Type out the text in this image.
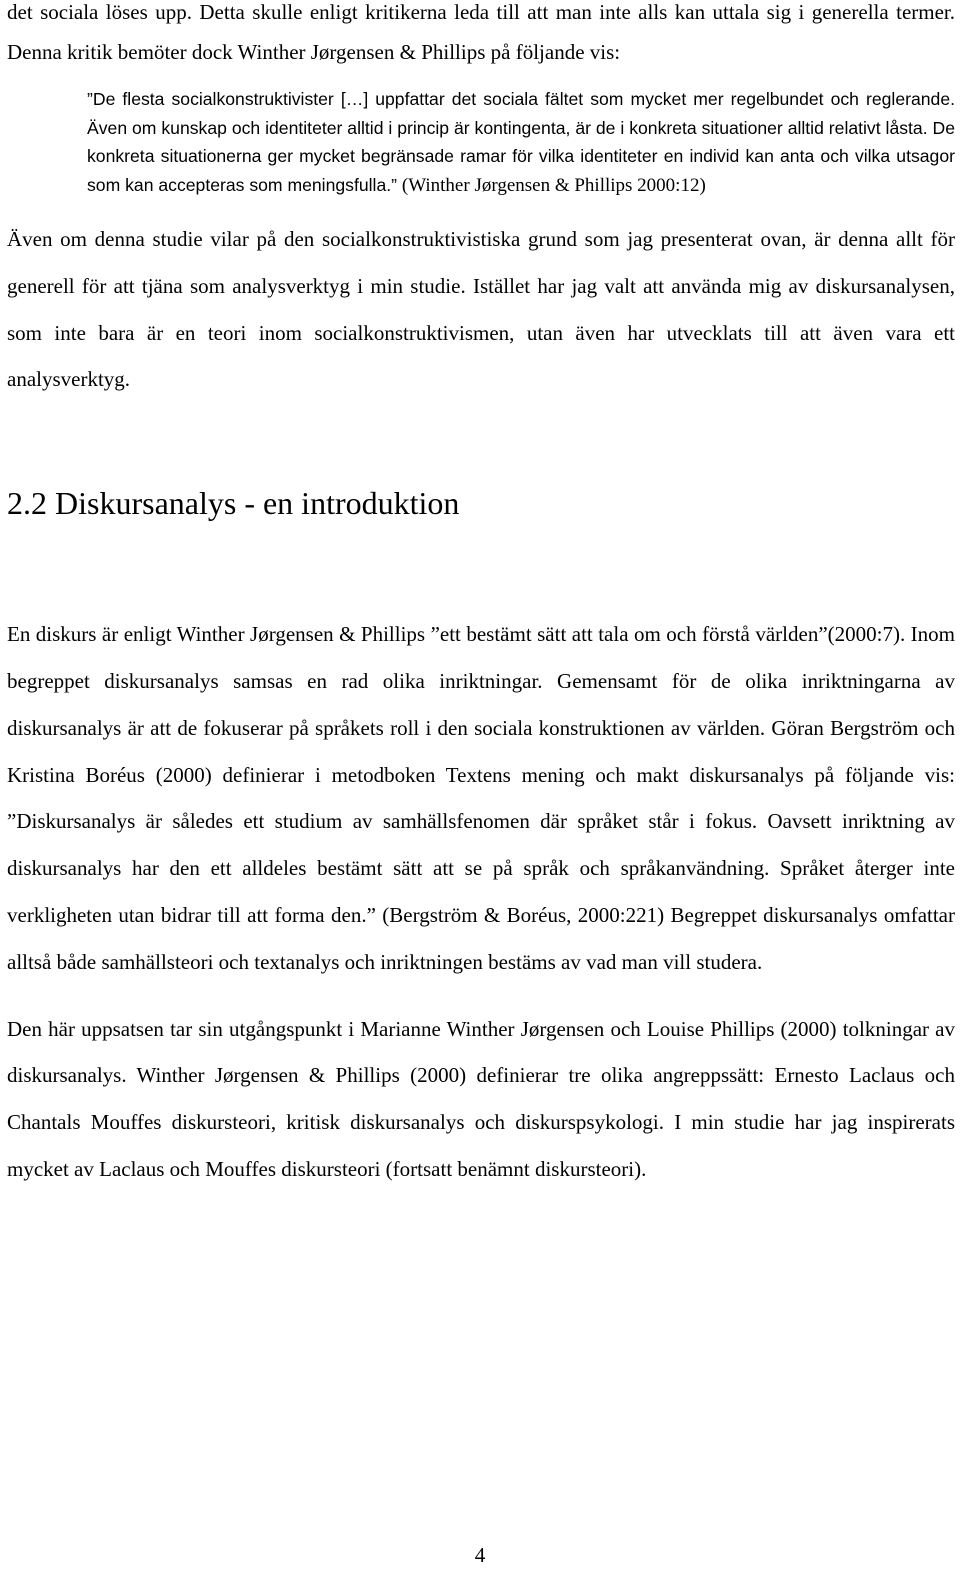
det sociala löses upp. Detta skulle enligt kritikerna leda till att man inte alls kan uttala sig i generella termer. Denna kritik bemöter dock Winther Jørgensen & Phillips på följande vis:

”De flesta socialkonstruktivister […] uppfattar det sociala fältet som mycket mer regelbundet och reglerande. Även om kunskap och identiteter alltid i princip är kontingenta, är de i konkreta situationer alltid relativt låsta. De konkreta situationerna ger mycket begränsade ramar för vilka identiteter en individ kan anta och vilka utsagor som kan accepteras som meningsfulla.” (Winther Jørgensen & Phillips 2000:12)

Även om denna studie vilar på den socialkonstruktivistiska grund som jag presenterat ovan, är denna allt för generell för att tjäna som analysverktyg i min studie. Istället har jag valt att använda mig av diskursanalysen, som inte bara är en teori inom socialkonstruktivismen, utan även har utvecklats till att även vara ett analysverktyg.

2.2 Diskursanalys - en introduktion

En diskurs är enligt Winther Jørgensen & Phillips ”ett bestämt sätt att tala om och förstå världen”(2000:7). Inom begreppet diskursanalys samsas en rad olika inriktningar. Gemensamt för de olika inriktningarna av diskursanalys är att de fokuserar på språkets roll i den sociala konstruktionen av världen. Göran Bergström och Kristina Boréus (2000) definierar i metodboken Textens mening och makt diskursanalys på följande vis: ”Diskursanalys är således ett studium av samhällsfenomen där språket står i fokus. Oavsett inriktning av diskursanalys har den ett alldeles bestämt sätt att se på språk och språkanvändning. Språket återger inte verkligheten utan bidrar till att forma den.” (Bergström & Boréus, 2000:221) Begreppet diskursanalys omfattar alltså både samhällsteori och textanalys och inriktningen bestäms av vad man vill studera.

Den här uppsatsen tar sin utgångspunkt i Marianne Winther Jørgensen och Louise Phillips (2000) tolkningar av diskursanalys. Winther Jørgensen & Phillips (2000) definierar tre olika angreppssätt: Ernesto Laclaus och Chantals Mouffes diskursteori, kritisk diskursanalys och diskurspsykologi. I min studie har jag inspirerats mycket av Laclaus och Mouffes diskursteori (fortsatt benämnt diskursteori).

4
